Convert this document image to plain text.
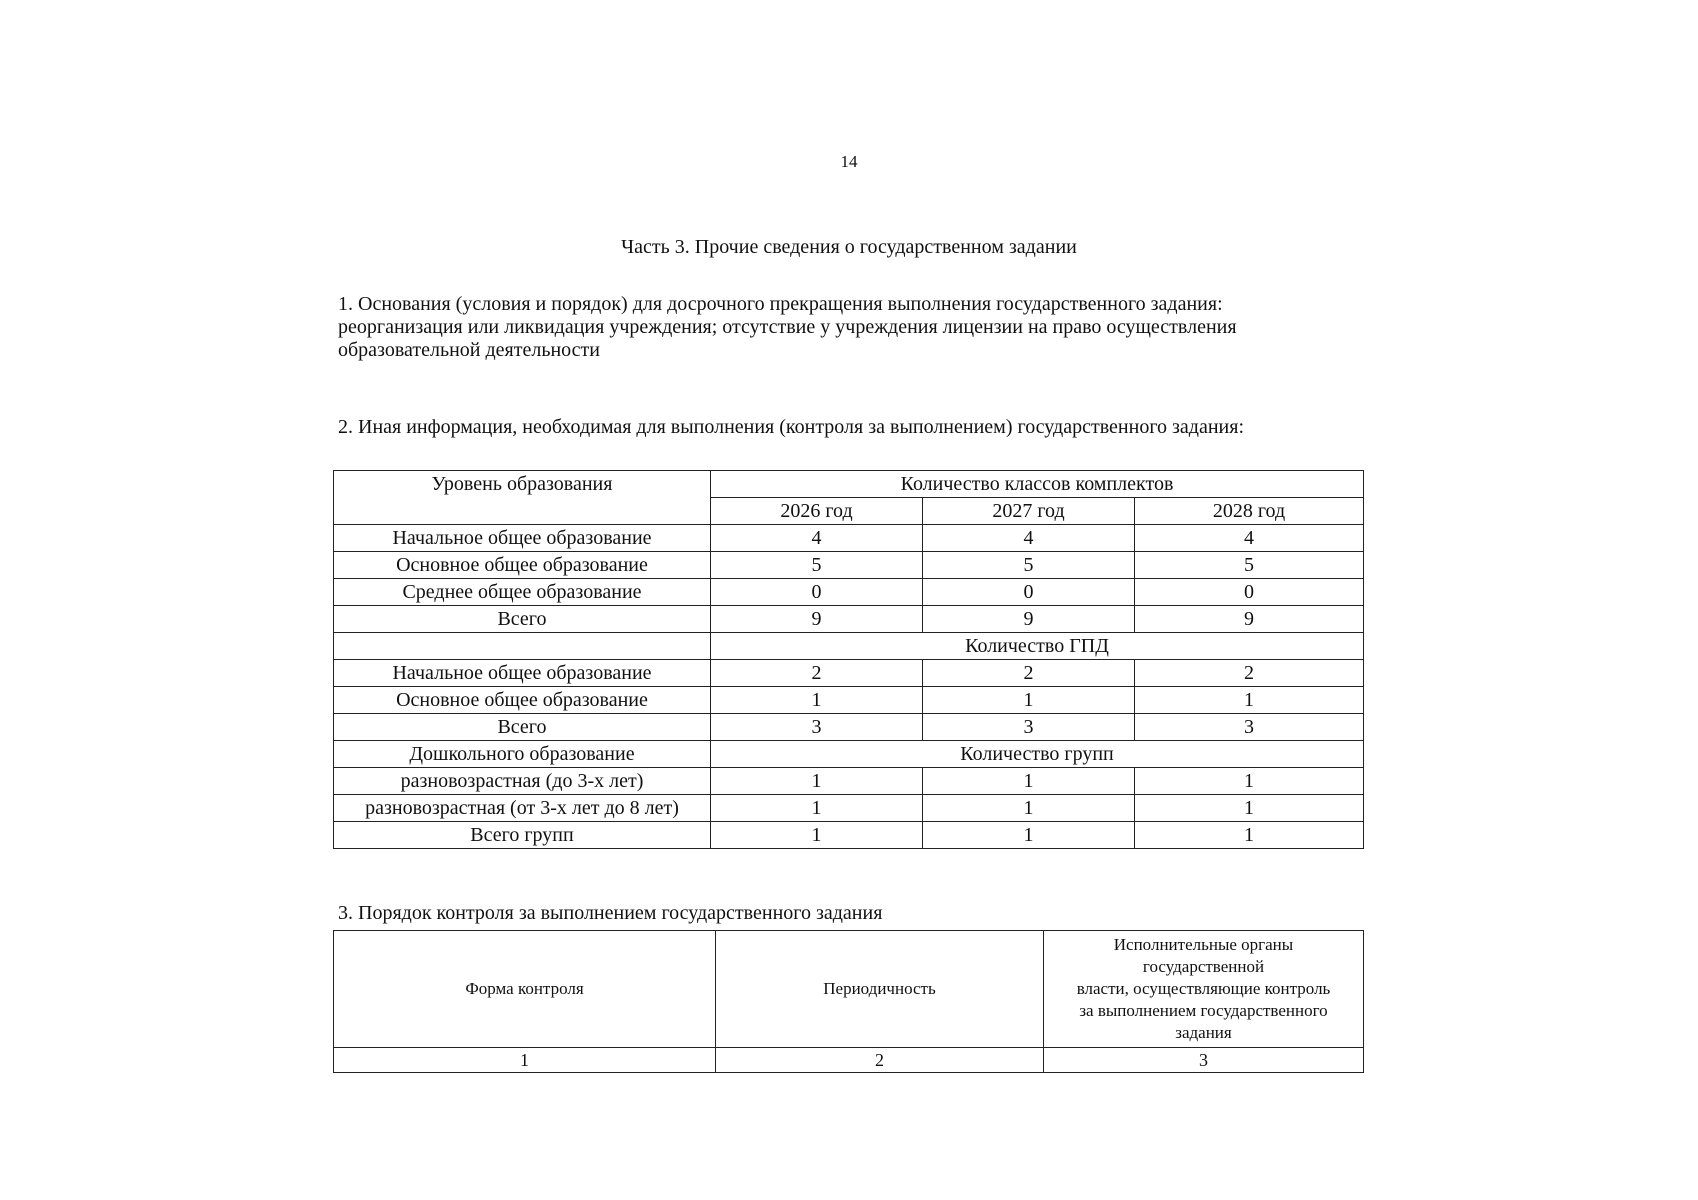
14
Часть 3. Прочие сведения о государственном задании
1. Основания (условия и порядок) для досрочного прекращения выполнения государственного задания:
реорганизация или ликвидация учреждения; отсутствие у учреждения лицензии на право осуществления
образовательной деятельности
2. Иная информация, необходимая для выполнения (контроля за выполнением) государственного задания:
Уровень образования	Количество классов комплектов		
	2026 год	2027 год	2028 год
Начальное общее образование	4	4	4
Основное общее образование	5	5	5
Среднее общее образование	0	0	0
Всего	9	9	9
	Количество ГПД		
Начальное общее образование	2	2	2
Основное общее образование	1	1	1
Всего	3	3	3
Дошкольного образование	Количество групп		
разновозрастная (до 3-х лет)	1	1	1
разновозрастная (от 3-х лет до 8 лет)	1	1	1
Всего групп	1	1	1
3. Порядок контроля за выполнением государственного задания
Форма контроля	Периодичность	Исполнительные органы
государственной
власти, осуществляющие контроль
за выполнением государственного
задания

1	2	3
